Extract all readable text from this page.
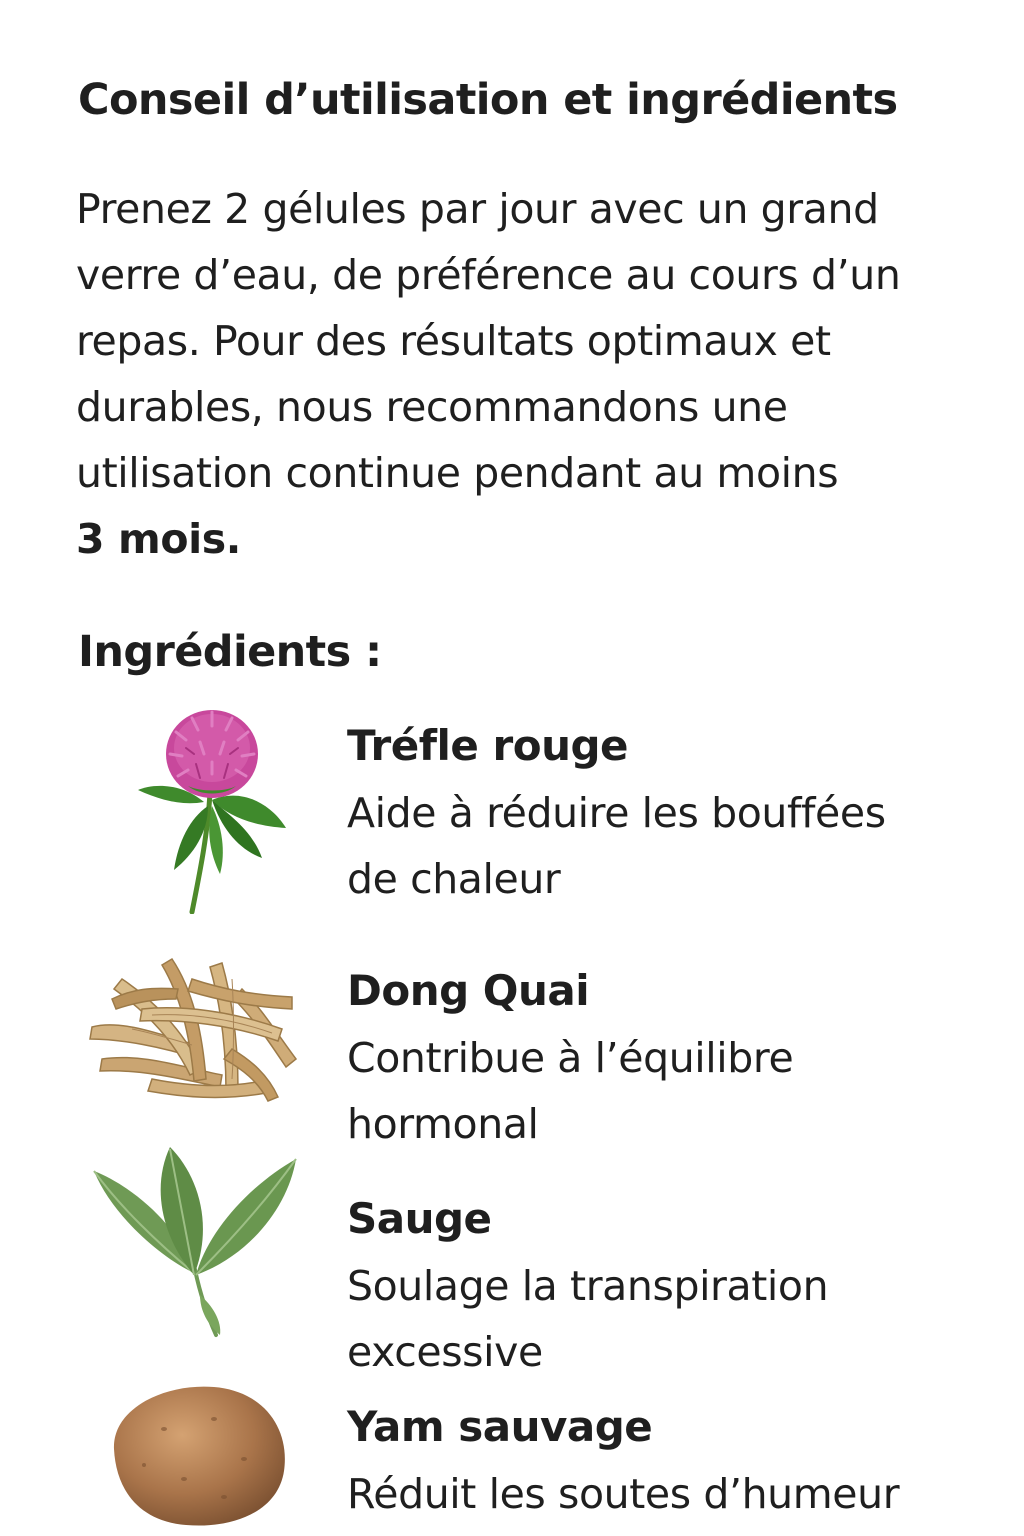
Conseil d’utilisation et ingrédients
Prenez 2 gélules par jour avec un grand
verre d’eau, de préférence au cours d’un
repas. Pour des résultats optimaux et
durables, nous recommandons une
utilisation continue pendant au moins
3 mois.
Ingrédients :
Tréfle rouge
Aide à réduire les bouffées
de chaleur
Dong Quai
Contribue à l’équilibre
hormonal
Sauge
Soulage la transpiration
excessive
Yam sauvage
Réduit les soutes d’humeur
